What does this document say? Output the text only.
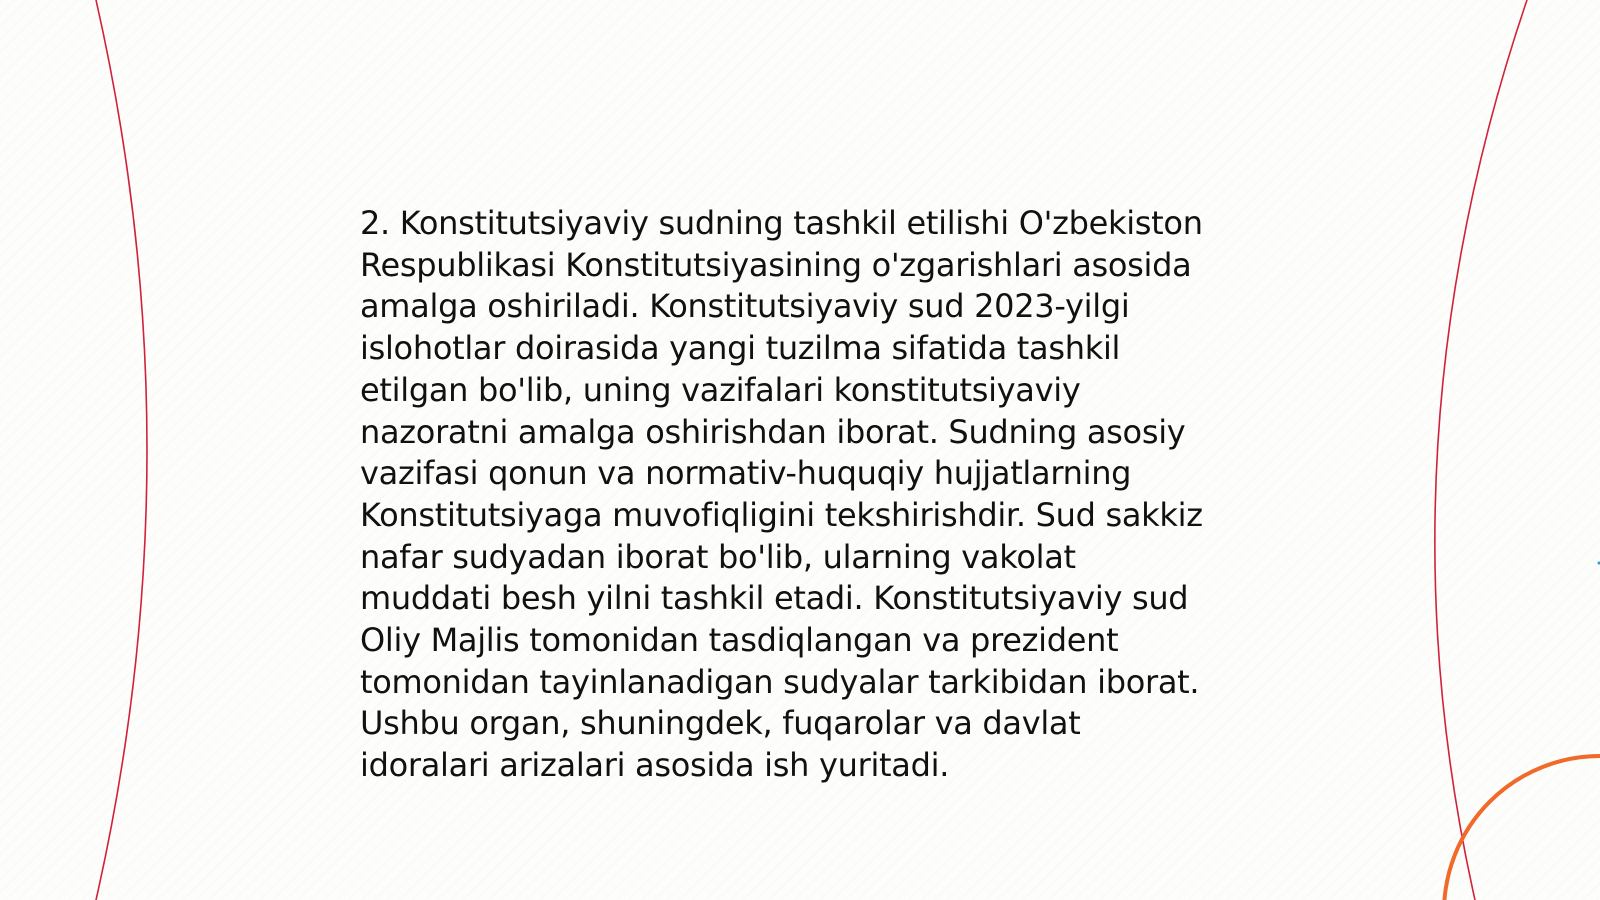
2. Konstitutsiyaviy sudning tashkil etilishi O'zbekiston
Respublikasi Konstitutsiyasining o'zgarishlari asosida
amalga oshiriladi. Konstitutsiyaviy sud 2023-yilgi
islohotlar doirasida yangi tuzilma sifatida tashkil
etilgan bo'lib, uning vazifalari konstitutsiyaviy
nazoratni amalga oshirishdan iborat. Sudning asosiy
vazifasi qonun va normativ-huquqiy hujjatlarning
Konstitutsiyaga muvofiqligini tekshirishdir. Sud sakkiz
nafar sudyadan iborat bo'lib, ularning vakolat
muddati besh yilni tashkil etadi. Konstitutsiyaviy sud
Oliy Majlis tomonidan tasdiqlangan va prezident
tomonidan tayinlanadigan sudyalar tarkibidan iborat.
Ushbu organ, shuningdek, fuqarolar va davlat
idoralari arizalari asosida ish yuritadi.
